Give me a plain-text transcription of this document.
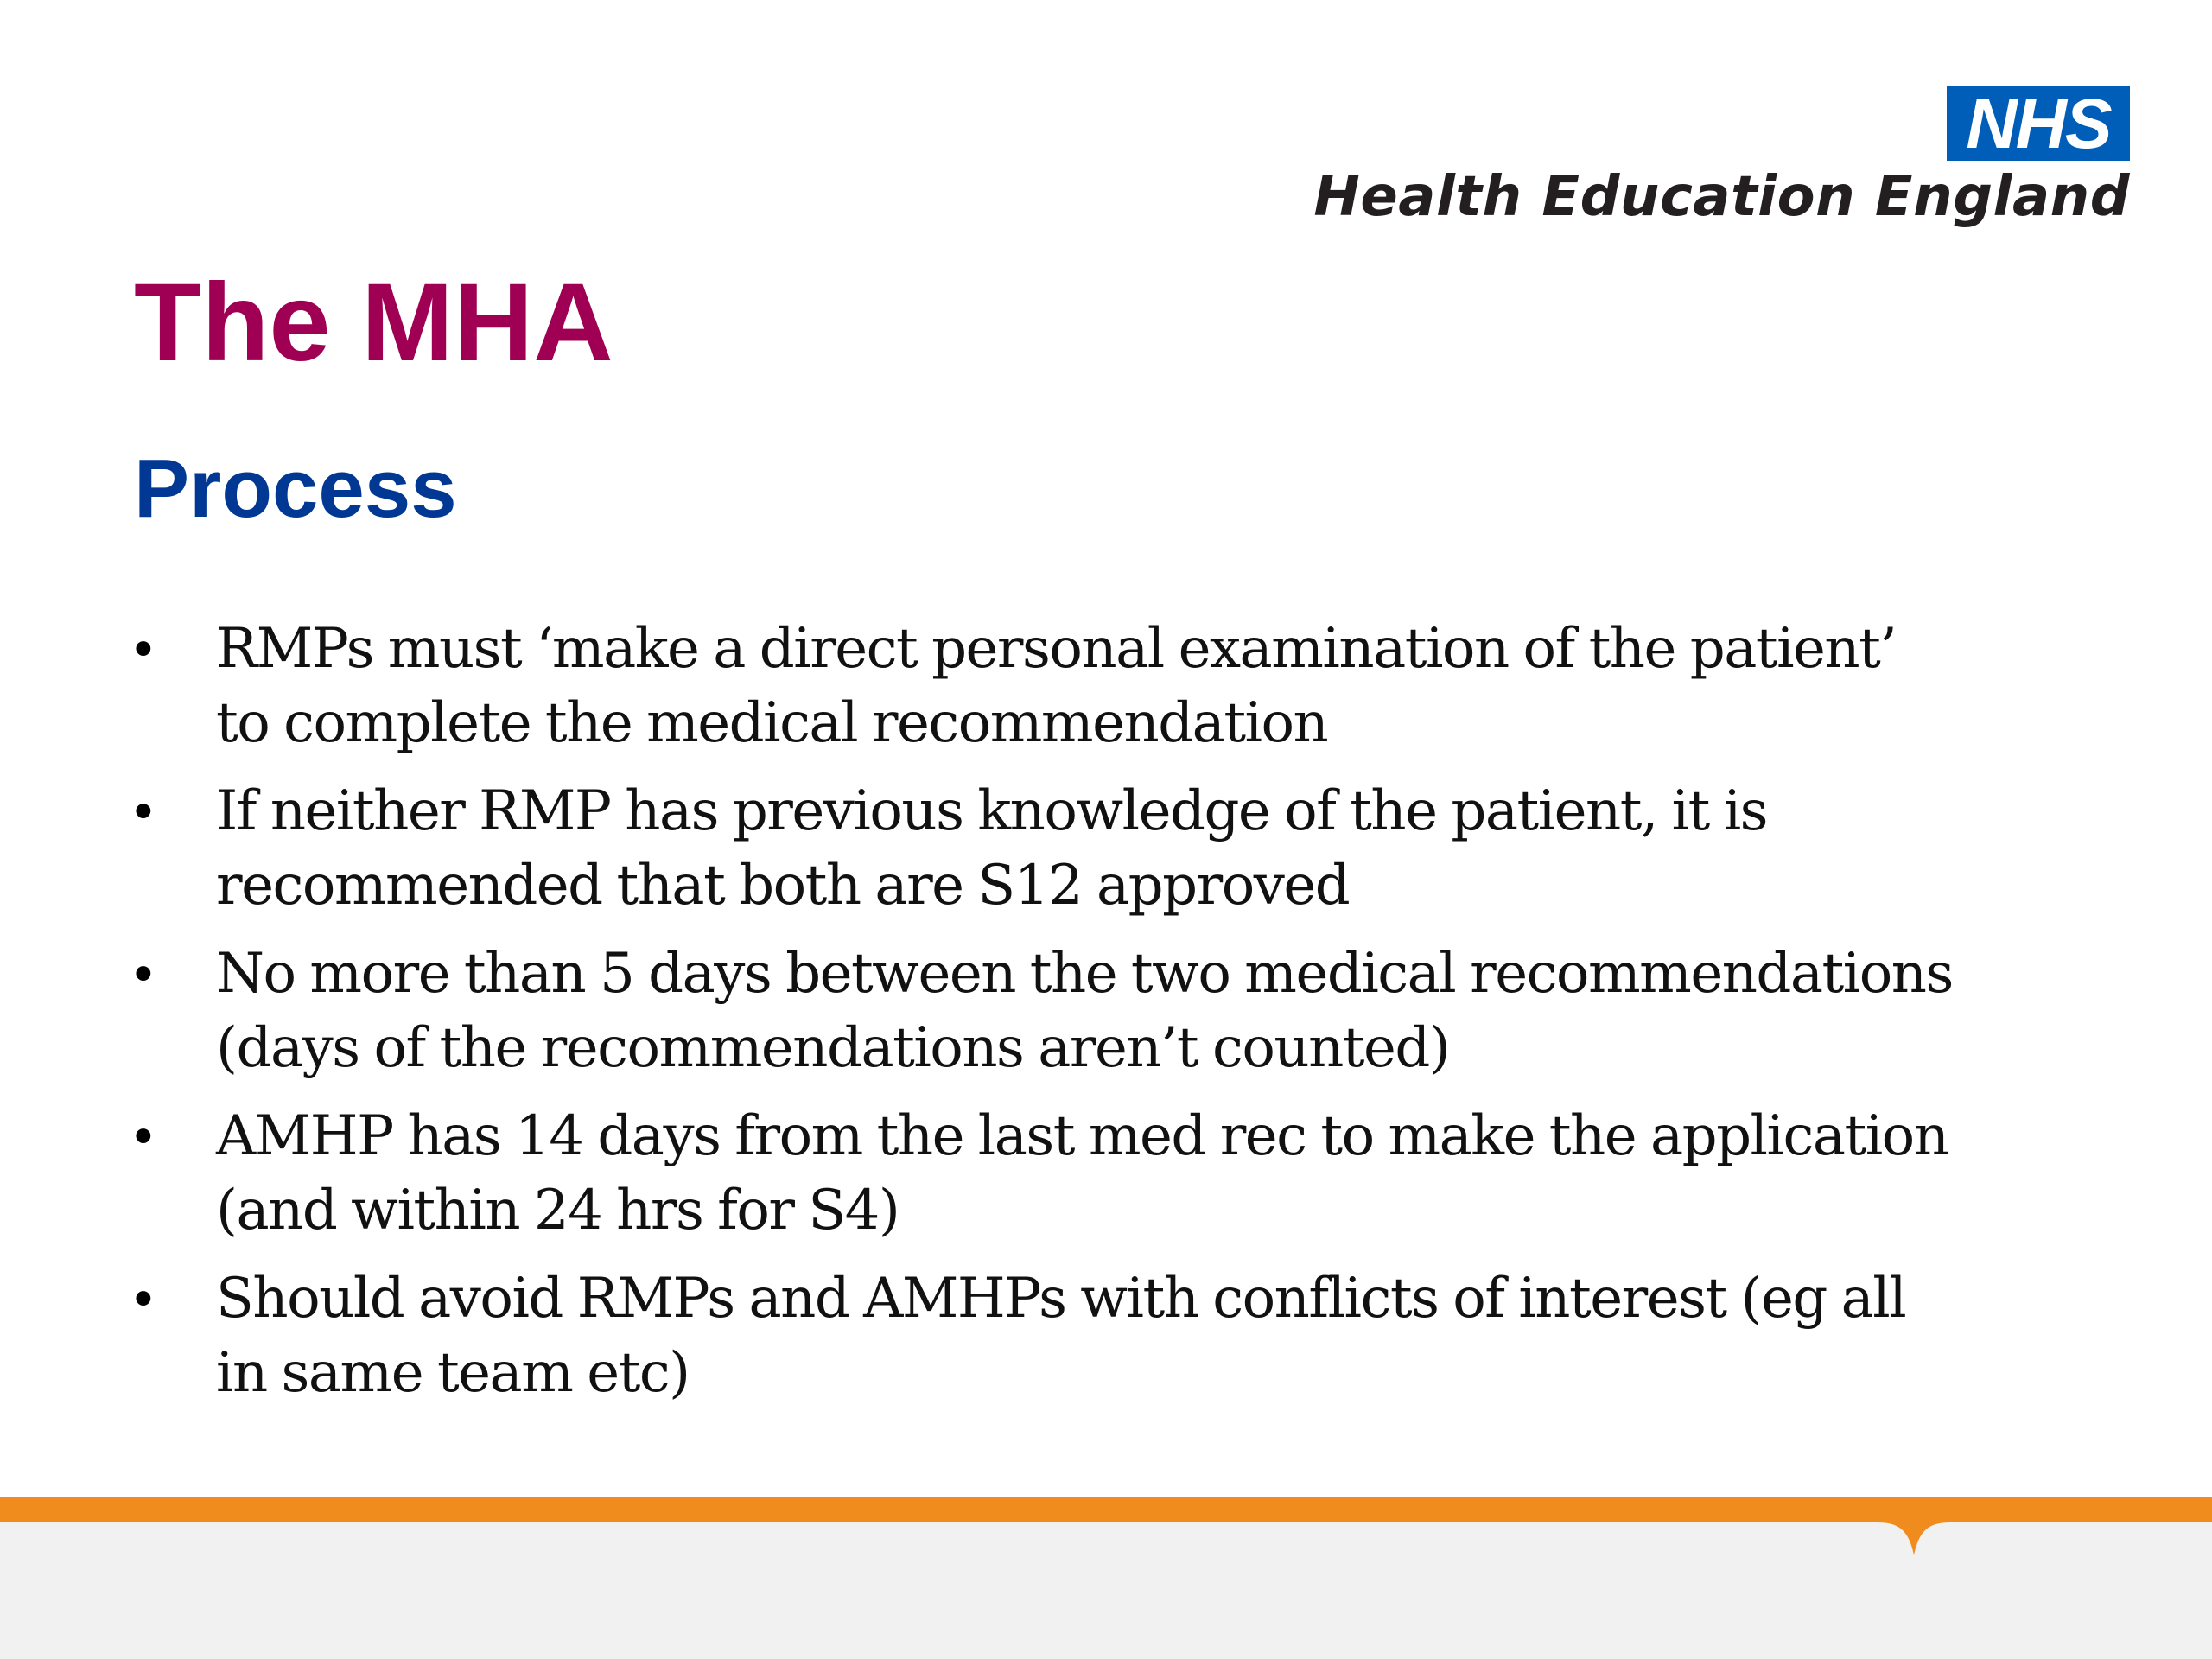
NHS
Health Education England
The MHA
Process
•	RMPs must ‘make a direct personal examination of the patient’
to complete the medical recommendation
•	If neither RMP has previous knowledge of the patient, it is
recommended that both are S12 approved
•	No more than 5 days between the two medical recommendations
(days of the recommendations aren’t counted)
•	AMHP has 14 days from the last med rec to make the application
(and within 24 hrs for S4)
•	Should avoid RMPs and AMHPs with conflicts of interest (eg all
in same team etc)
